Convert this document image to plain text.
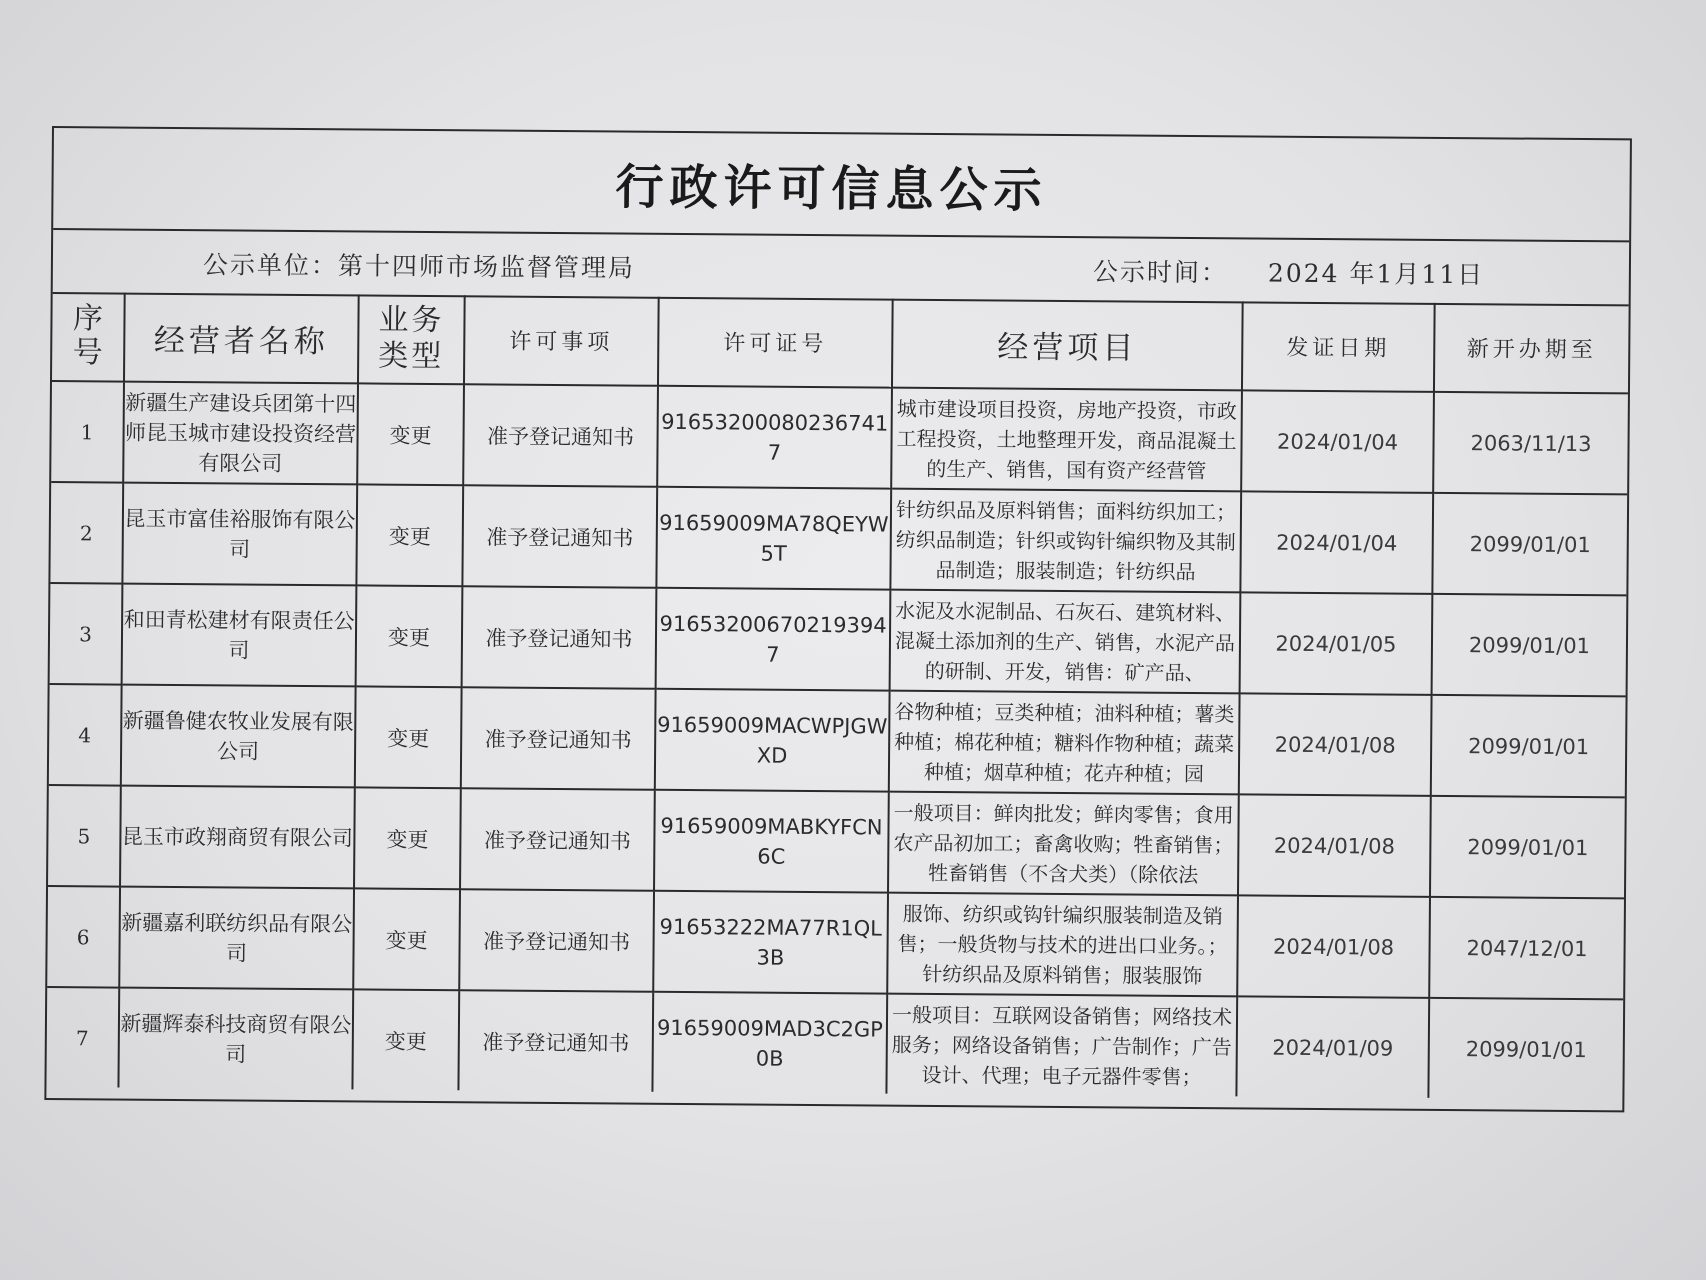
行政许可信息公示
公示单位：第十四师市场监督管理局	公示时间： 2024 年1月11日
序号	经营者名称	业务类型	许可事项	许可证号	经营项目	发证日期	新开办期至
1	新疆生产建设兵团第十四师昆玉城市建设投资经营有限公司	变更	准予登记通知书	916532000802367417	城市建设项目投资，房地产投资，市政工程投资，土地整理开发，商品混凝土的生产、销售，国有资产经营管	2024/01/04	2063/11/13
2	昆玉市富佳裕服饰有限公司	变更	准予登记通知书	91659009MA78QEYW5T	针纺织品及原料销售；面料纺织加工；纺织品制造；针织或钩针编织物及其制品制造；服装制造；针纺织品	2024/01/04	2099/01/01
3	和田青松建材有限责任公司	变更	准予登记通知书	916532006702193947	水泥及水泥制品、石灰石、建筑材料、混凝土添加剂的生产、销售，水泥产品的研制、开发，销售：矿产品、	2024/01/05	2099/01/01
4	新疆鲁健农牧业发展有限公司	变更	准予登记通知书	91659009MACWPJGWXD	谷物种植；豆类种植；油料种植；薯类种植；棉花种植；糖料作物种植；蔬菜种植；烟草种植；花卉种植；园	2024/01/08	2099/01/01
5	昆玉市政翔商贸有限公司	变更	准予登记通知书	91659009MABKYFCN6C	一般项目：鲜肉批发；鲜肉零售；食用农产品初加工；畜禽收购；牲畜销售；牲畜销售（不含犬类）（除依法	2024/01/08	2099/01/01
6	新疆嘉利联纺织品有限公司	变更	准予登记通知书	91653222MA77R1QL3B	服饰、纺织或钩针编织服装制造及销售；一般货物与技术的进出口业务。；针纺织品及原料销售；服装服饰	2024/01/08	2047/12/01
7	新疆辉泰科技商贸有限公司	变更	准予登记通知书	91659009MAD3C2GP0B	一般项目：互联网设备销售；网络技术服务；网络设备销售；广告制作；广告设计、代理；电子元器件零售；	2024/01/09	2099/01/01
